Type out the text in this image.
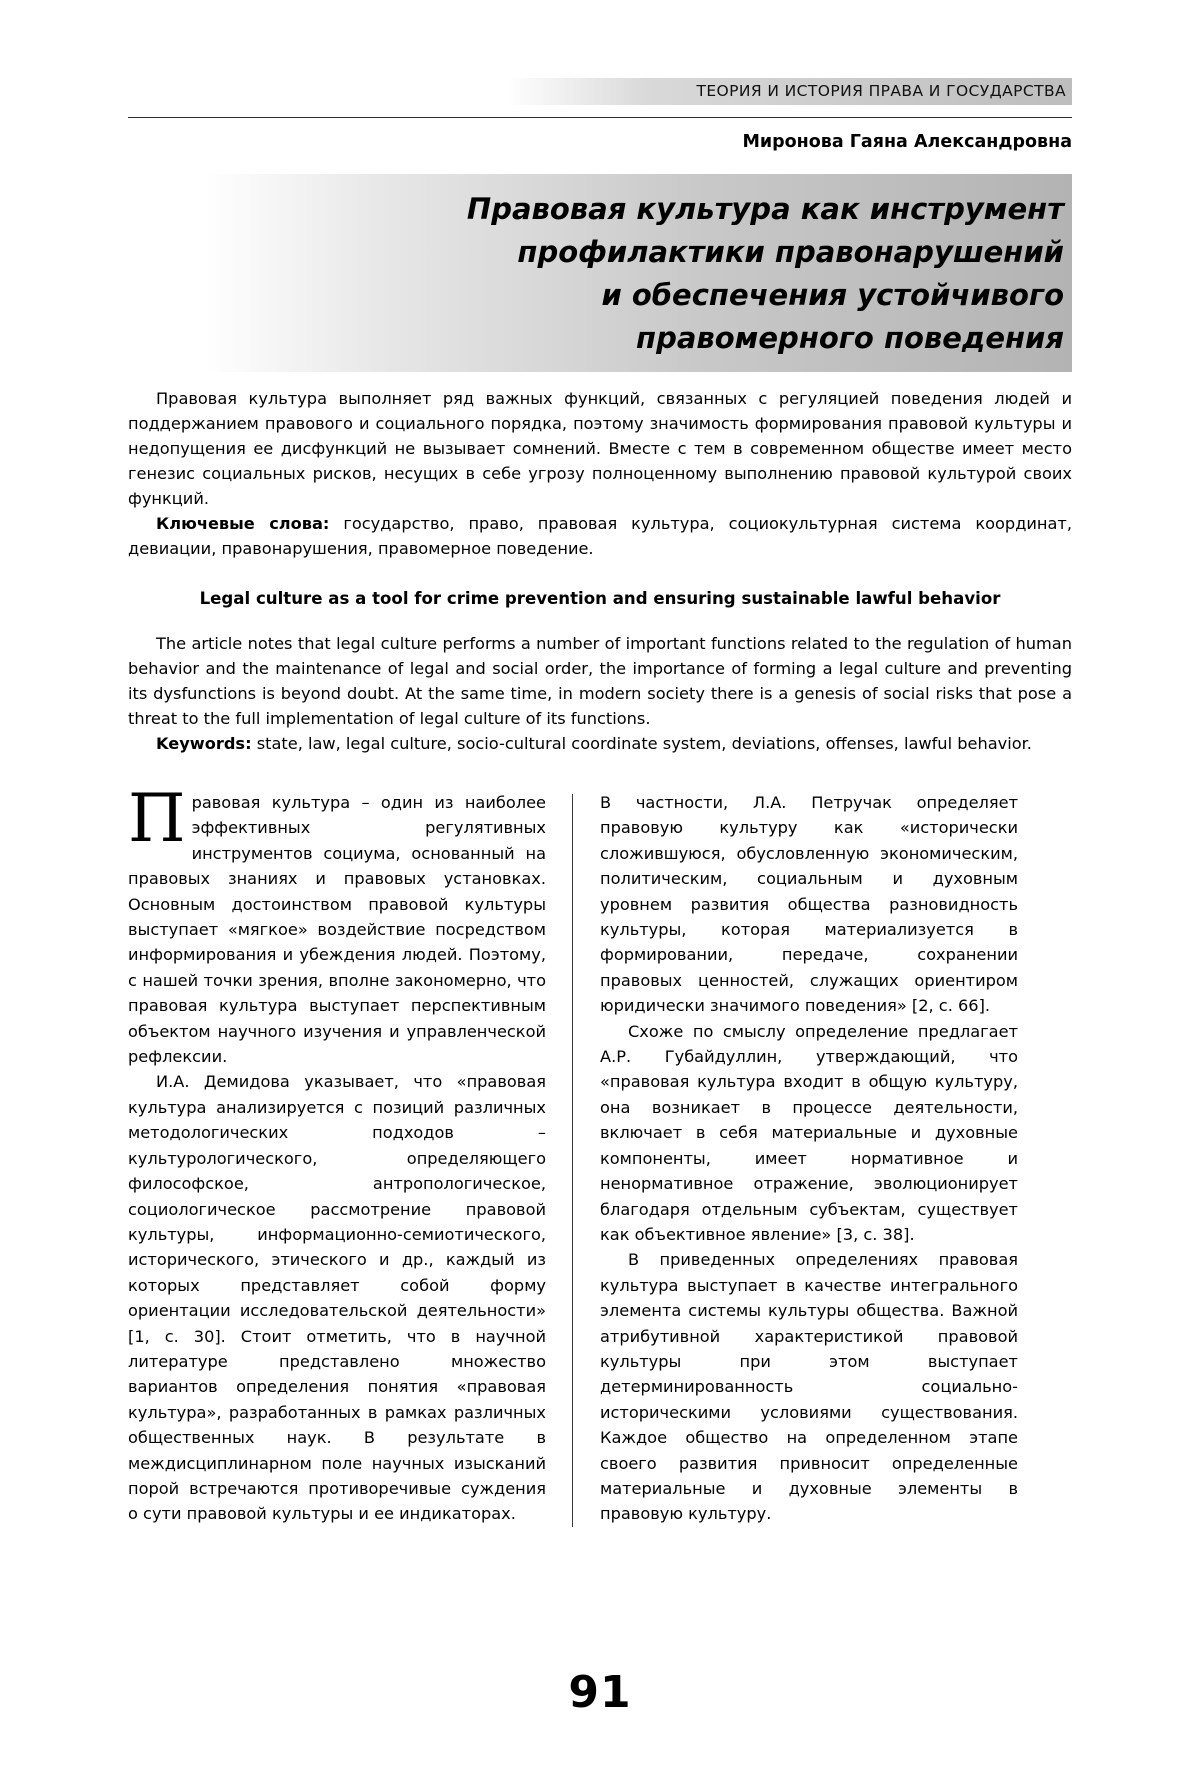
ТЕОРИЯ И ИСТОРИЯ ПРАВА И ГОСУДАРСТВА
Миронова Гаяна Александровна
Правовая культура как инструмент
профилактики правонарушений
и обеспечения устойчивого
правомерного поведения

Правовая культура выполняет ряд важных функций, связанных с регуляцией поведения людей и поддержанием правового и социального порядка, поэтому значимость формирования правовой культуры и недопущения ее дисфункций не вызывает сомнений. Вместе с тем в современном обществе имеет место генезис социальных рисков, несущих в себе угрозу полноценному выполнению правовой культурой своих функций.

Ключевые слова: государство, право, правовая культура, социокультурная система координат, девиации, правонарушения, правомерное поведение.

Legal culture as a tool for crime prevention and ensuring sustainable lawful behavior

The article notes that legal culture performs a number of important functions related to the regulation of human behavior and the maintenance of legal and social order, the importance of forming a legal culture and preventing its dysfunctions is beyond doubt. At the same time, in modern society there is a genesis of social risks that pose a threat to the full implementation of legal culture of its functions.

Keywords: state, law, legal culture, socio-cultural coordinate system, deviations, offenses, lawful behavior.

Правовая культура – один из наиболее эффективных регулятивных инструментов социума, основанный на правовых знаниях и правовых установках. Основным достоинством правовой культуры выступает «мягкое» воздействие посредством информирования и убеждения людей. Поэтому, с нашей точки зрения, вполне закономерно, что правовая культура выступает перспективным объектом научного изучения и управленческой рефлексии.

И.А. Демидова указывает, что «правовая культура анализируется с позиций различных методологических подходов – культурологического, определяющего философское, антропологическое, социологическое рассмотрение правовой культуры, информационно-семиотического, исторического, этического и др., каждый из которых представляет собой форму ориентации исследовательской деятельности» [1, с. 30]. Стоит отметить, что в научной литературе представлено множество вариантов определения понятия «правовая культура», разработанных в рамках различных общественных наук. В результате в междисциплинарном поле научных изысканий порой встречаются противоречивые суждения о сути правовой культуры и ее индикаторах.

В частности, Л.А. Петручак определяет правовую культуру как «исторически сложившуюся, обусловленную экономическим, политическим, социальным и духовным уровнем развития общества разновидность культуры, которая материализуется в формировании, передаче, сохранении правовых ценностей, служащих ориентиром юридически значимого поведения» [2, с. 66].

Схоже по смыслу определение предлагает А.Р. Губайдуллин, утверждающий, что «правовая культура входит в общую культуру, она возникает в процессе деятельности, включает в себя материальные и духовные компоненты, имеет нормативное и ненормативное отражение, эволюционирует благодаря отдельным субъектам, существует как объективное явление» [3, с. 38].

В приведенных определениях правовая культура выступает в качестве интегрального элемента системы культуры общества. Важной атрибутивной характеристикой правовой культуры при этом выступает детерминированность социально-историческими условиями существования. Каждое общество на определенном этапе своего развития привносит определенные материальные и духовные элементы в правовую культуру.

91
